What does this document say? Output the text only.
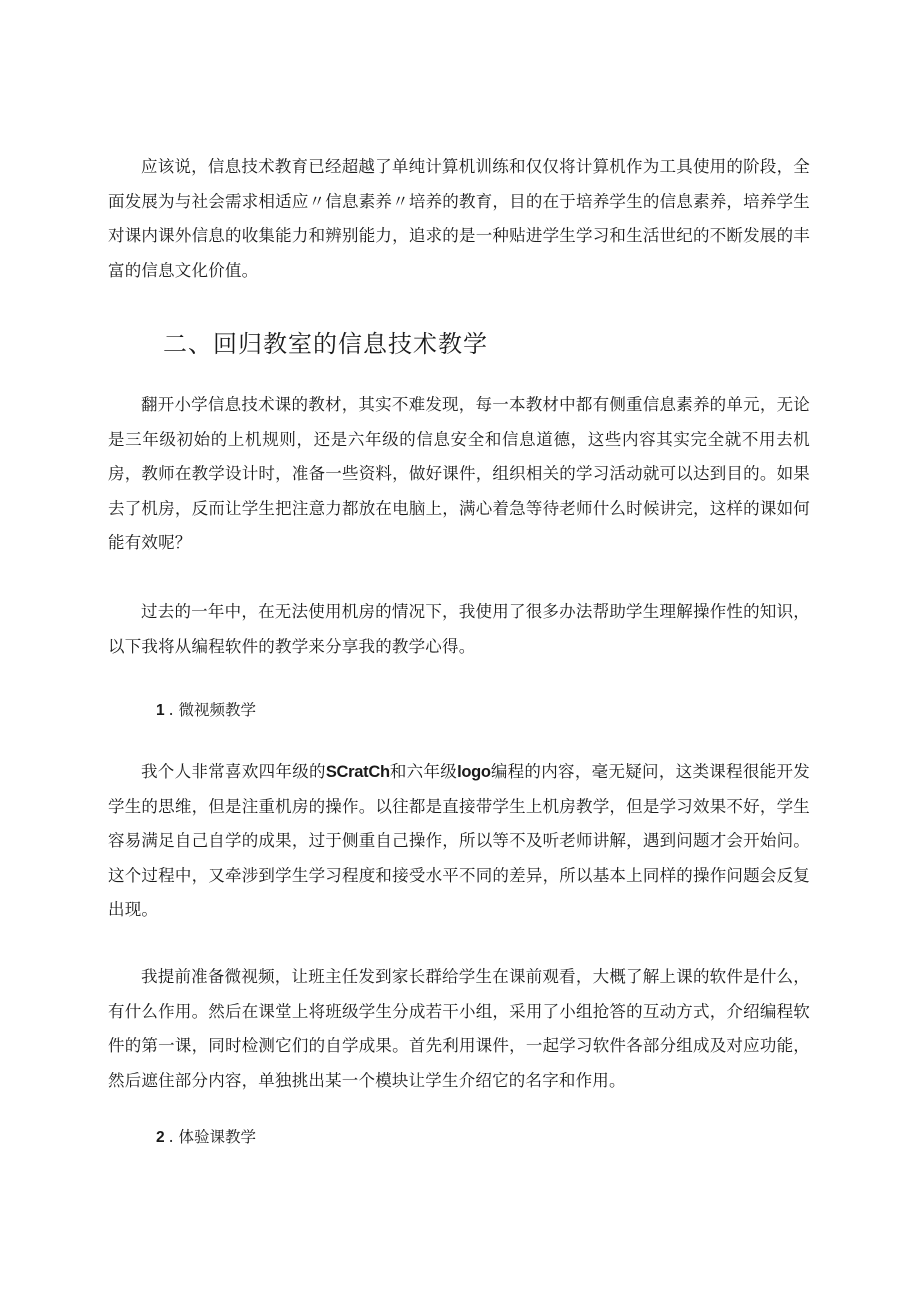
应该说，信息技术教育已经超越了单纯计算机训练和仅仅将计算机作为工具使用的阶段，全面发展为与社会需求相适应〃信息素养〃培养的教育，目的在于培养学生的信息素养，培养学生对课内课外信息的收集能力和辨别能力，追求的是一种贴进学生学习和生活世纪的不断发展的丰富的信息文化价值。

二、回归教室的信息技术教学

翻开小学信息技术课的教材，其实不难发现，每一本教材中都有侧重信息素养的单元，无论是三年级初始的上机规则，还是六年级的信息安全和信息道德，这些内容其实完全就不用去机房，教师在教学设计时，准备一些资料，做好课件，组织相关的学习活动就可以达到目的。如果去了机房，反而让学生把注意力都放在电脑上，满心着急等待老师什么时候讲完，这样的课如何能有效呢？

过去的一年中，在无法使用机房的情况下，我使用了很多办法帮助学生理解操作性的知识，以下我将从编程软件的教学来分享我的教学心得。

1 . 微视频教学

我个人非常喜欢四年级的SCratCh和六年级logo编程的内容，毫无疑问，这类课程很能开发学生的思维，但是注重机房的操作。以往都是直接带学生上机房教学，但是学习效果不好，学生容易满足自己自学的成果，过于侧重自己操作，所以等不及听老师讲解，遇到问题才会开始问。这个过程中，又牵涉到学生学习程度和接受水平不同的差异，所以基本上同样的操作问题会反复出现。

我提前准备微视频，让班主任发到家长群给学生在课前观看，大概了解上课的软件是什么，有什么作用。然后在课堂上将班级学生分成若干小组，采用了小组抢答的互动方式，介绍编程软件的第一课，同时检测它们的自学成果。首先利用课件，一起学习软件各部分组成及对应功能，然后遮住部分内容，单独挑出某一个模块让学生介绍它的名字和作用。

2 . 体验课教学
